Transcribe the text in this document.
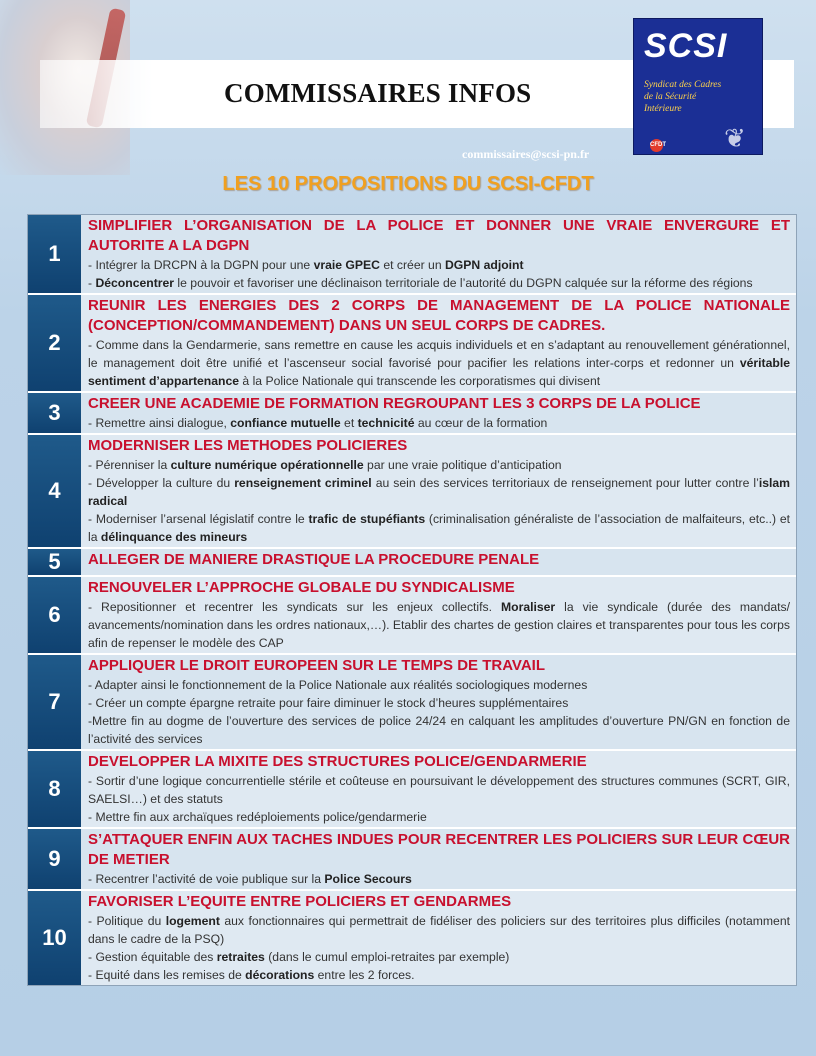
COMMISSAIRES INFOS
SCSI
Syndicat des Cadres de la Sécurité Intérieure
❦
CFDT
commissaires@scsi-pn.fr
LES 10 PROPOSITIONS DU SCSI-CFDT
1
SIMPLIFIER L’ORGANISATION DE LA POLICE ET DONNER UNE VRAIE ENVERGURE ET AUTORITE A LA DGPN
- Intégrer la DRCPN à la DGPN pour une vraie GPEC et créer un DGPN adjoint
- Déconcentrer le pouvoir et favoriser une déclinaison territoriale de l’autorité du DGPN calquée sur la réforme des régions
2
REUNIR LES ENERGIES DES 2 CORPS DE MANAGEMENT DE LA POLICE NATIONALE (CONCEPTION/COMMANDEMENT) DANS UN SEUL CORPS DE CADRES.
- Comme dans la Gendarmerie, sans remettre en cause les acquis individuels et en s’adaptant au renouvellement générationnel, le management doit être unifié et l’ascenseur social favorisé pour pacifier les relations inter-corps et redonner un véritable sentiment d’appartenance à la Police Nationale qui transcende les corporatismes qui divisent
3	CREER UNE ACADEMIE DE FORMATION REGROUPANT LES 3 CORPS DE LA POLICE
- Remettre ainsi dialogue, confiance mutuelle et technicité au cœur de la formation
4
MODERNISER LES METHODES POLICIERES
- Pérenniser la culture numérique opérationnelle par une vraie politique d’anticipation
- Développer la culture du renseignement criminel au sein des services territoriaux de renseignement pour lutter contre l’islam radical
- Moderniser l’arsenal législatif contre le trafic de stupéfiants (criminalisation généraliste de l’association de malfaiteurs, etc..) et la délinquance des mineurs
5	ALLEGER DE MANIERE DRASTIQUE LA PROCEDURE PENALE
6
RENOUVELER L’APPROCHE GLOBALE DU SYNDICALISME
- Repositionner et recentrer les syndicats sur les enjeux collectifs. Moraliser la vie syndicale (durée des mandats/ avancements/nomination dans les ordres nationaux,…). Etablir des chartes de gestion claires et transparentes pour tous les corps afin de repenser le modèle des CAP
7
APPLIQUER LE DROIT EUROPEEN SUR LE TEMPS DE TRAVAIL
- Adapter ainsi le fonctionnement de la Police Nationale aux réalités sociologiques modernes
- Créer un compte épargne retraite pour faire diminuer le stock d’heures supplémentaires
-Mettre fin au dogme de l’ouverture des services de police 24/24 en calquant les amplitudes d’ouverture PN/GN en fonction de l’activité des services
8
DEVELOPPER LA MIXITE DES STRUCTURES POLICE/GENDARMERIE
- Sortir d’une logique concurrentielle stérile et coûteuse en poursuivant le développement des structures communes (SCRT, GIR, SAELSI…) et des statuts
- Mettre fin aux archaïques redéploiements police/gendarmerie
9
S’ATTAQUER ENFIN AUX TACHES INDUES POUR RECENTRER LES POLICIERS SUR LEUR CŒUR DE METIER
- Recentrer l’activité de voie publique sur la Police Secours
10
FAVORISER L’EQUITE ENTRE POLICIERS ET GENDARMES
- Politique du logement aux fonctionnaires qui permettrait de fidéliser des policiers sur des territoires plus difficiles (notamment dans le cadre de la PSQ)
- Gestion équitable des retraites (dans le cumul emploi-retraites par exemple)
- Equité dans les remises de décorations entre les 2 forces.
